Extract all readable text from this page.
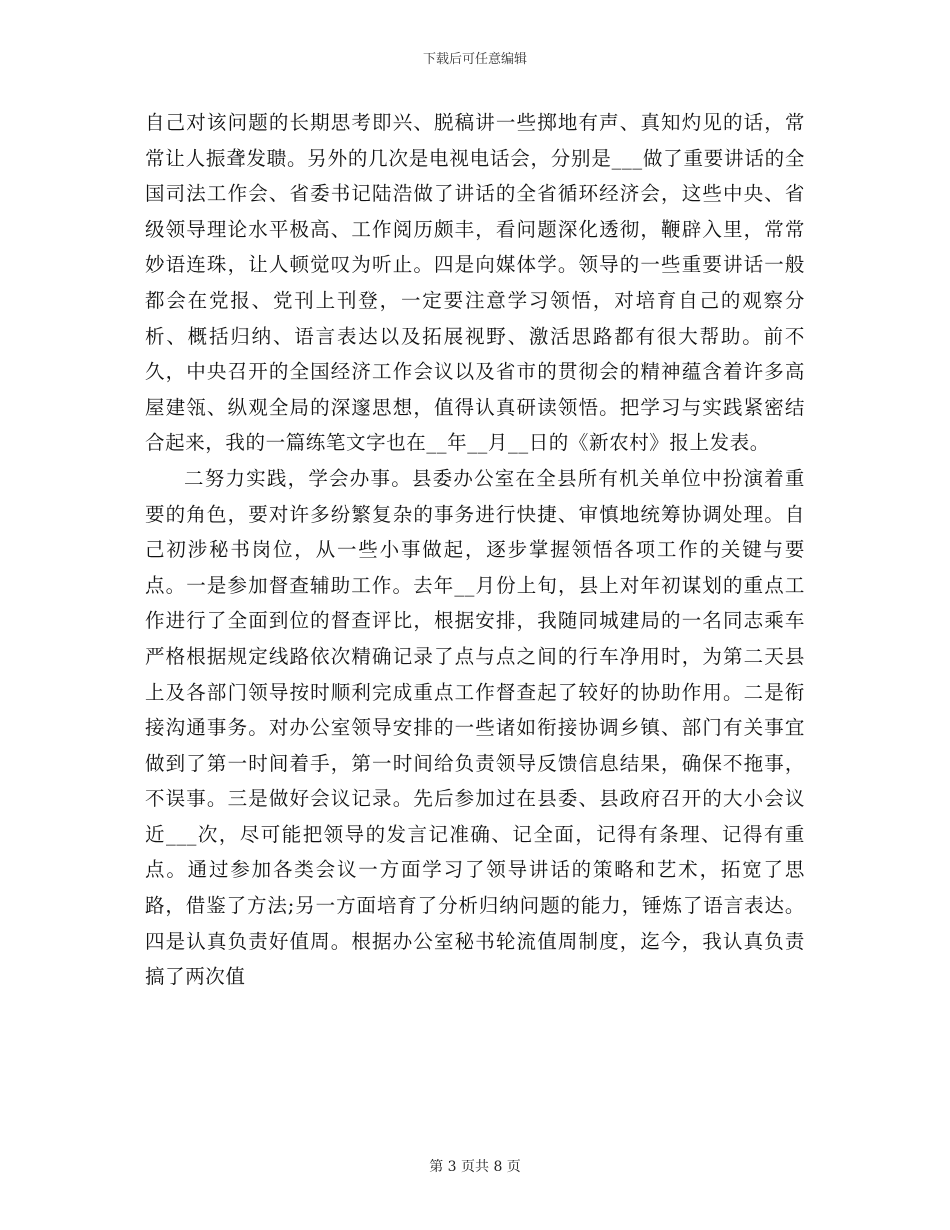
下载后可任意编辑

自己对该问题的长期思考即兴、脱稿讲一些掷地有声、真知灼见的话，常常让人振聋发聩。另外的几次是电视电话会，分别是___做了重要讲话的全国司法工作会、省委书记陆浩做了讲话的全省循环经济会，这些中央、省级领导理论水平极高、工作阅历颇丰，看问题深化透彻，鞭辟入里，常常妙语连珠，让人顿觉叹为听止。四是向媒体学。领导的一些重要讲话一般都会在党报、党刊上刊登，一定要注意学习领悟，对培育自己的观察分析、概括归纳、语言表达以及拓展视野、激活思路都有很大帮助。前不久，中央召开的全国经济工作会议以及省市的贯彻会的精神蕴含着许多高屋建瓴、纵观全局的深邃思想，值得认真研读领悟。把学习与实践紧密结合起来，我的一篇练笔文字也在__年__月__日的《新农村》报上发表。

二努力实践，学会办事。县委办公室在全县所有机关单位中扮演着重要的角色，要对许多纷繁复杂的事务进行快捷、审慎地统筹协调处理。自己初涉秘书岗位，从一些小事做起，逐步掌握领悟各项工作的关键与要点。一是参加督查辅助工作。去年__月份上旬，县上对年初谋划的重点工作进行了全面到位的督查评比，根据安排，我随同城建局的一名同志乘车严格根据规定线路依次精确记录了点与点之间的行车净用时，为第二天县上及各部门领导按时顺利完成重点工作督查起了较好的协助作用。二是衔接沟通事务。对办公室领导安排的一些诸如衔接协调乡镇、部门有关事宜做到了第一时间着手，第一时间给负责领导反馈信息结果，确保不拖事，不误事。三是做好会议记录。先后参加过在县委、县政府召开的大小会议近___次，尽可能把领导的发言记准确、记全面，记得有条理、记得有重点。通过参加各类会议一方面学习了领导讲话的策略和艺术，拓宽了思路，借鉴了方法;另一方面培育了分析归纳问题的能力，锤炼了语言表达。四是认真负责好值周。根据办公室秘书轮流值周制度，迄今，我认真负责搞了两次值

第 3 页共 8 页
